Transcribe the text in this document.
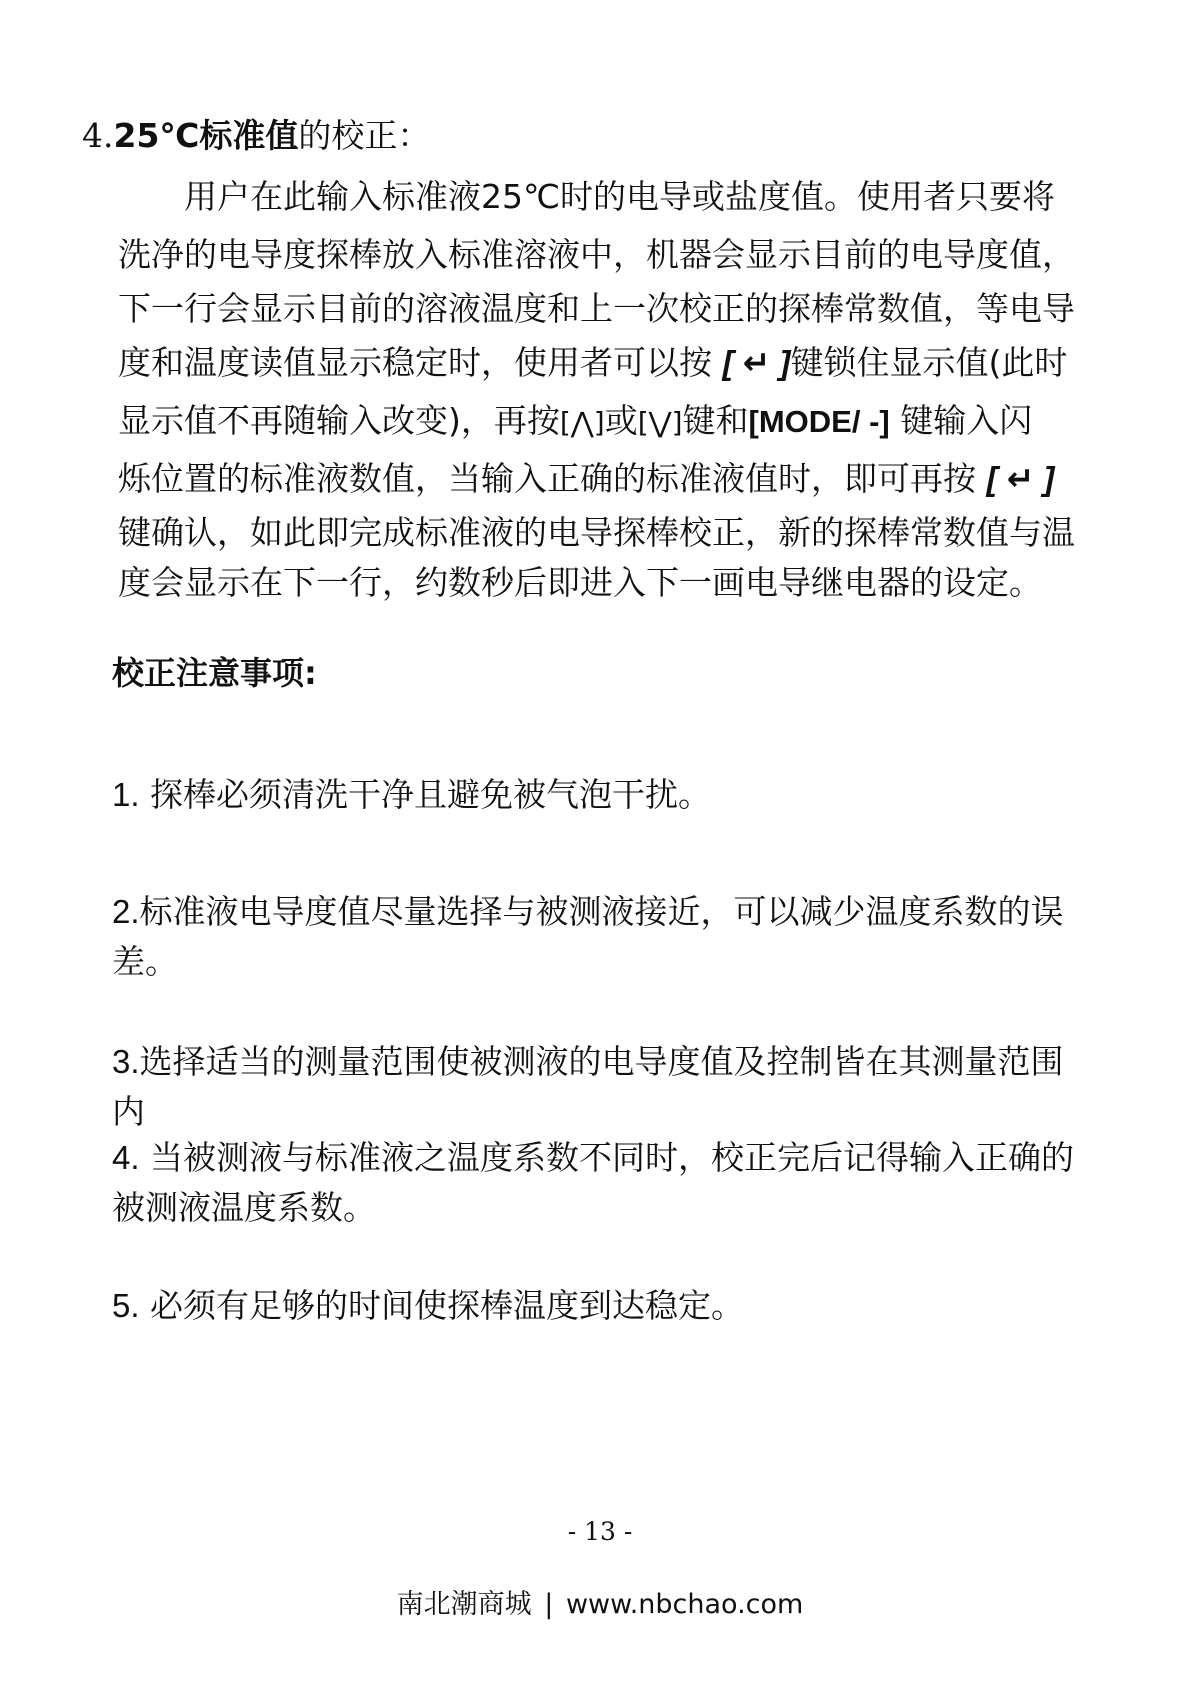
4.25℃标准值的校正：
用户在此输入标准液25℃时的电导或盐度值。使用者只要将
洗净的电导度探棒放入标准溶液中，机器会显示目前的电导度值，
下一行会显示目前的溶液温度和上一次校正的探棒常数值，等电导
度和温度读值显示稳定时，使用者可以按 [ ↵ ]键锁住显示值(此时
显示值不再随输入改变)，再按[⋀]或[⋁]键和[MODE/ -] 键输入闪
烁位置的标准液数值，当输入正确的标准液值时，即可再按 [ ↵ ]
键确认，如此即完成标准液的电导探棒校正，新的探棒常数值与温
度会显示在下一行，约数秒后即进入下一画电导继电器的设定。
校正注意事项:
1. 探棒必须清洗干净且避免被气泡干扰。
2.标准液电导度值尽量选择与被测液接近，可以减少温度系数的误
差。
3.选择适当的测量范围使被测液的电导度值及控制皆在其测量范围
内
4. 当被测液与标准液之温度系数不同时，校正完后记得输入正确的
被测液温度系数。
5. 必须有足够的时间使探棒温度到达稳定。
- 13 -
南北潮商城 | www.nbchao.com
